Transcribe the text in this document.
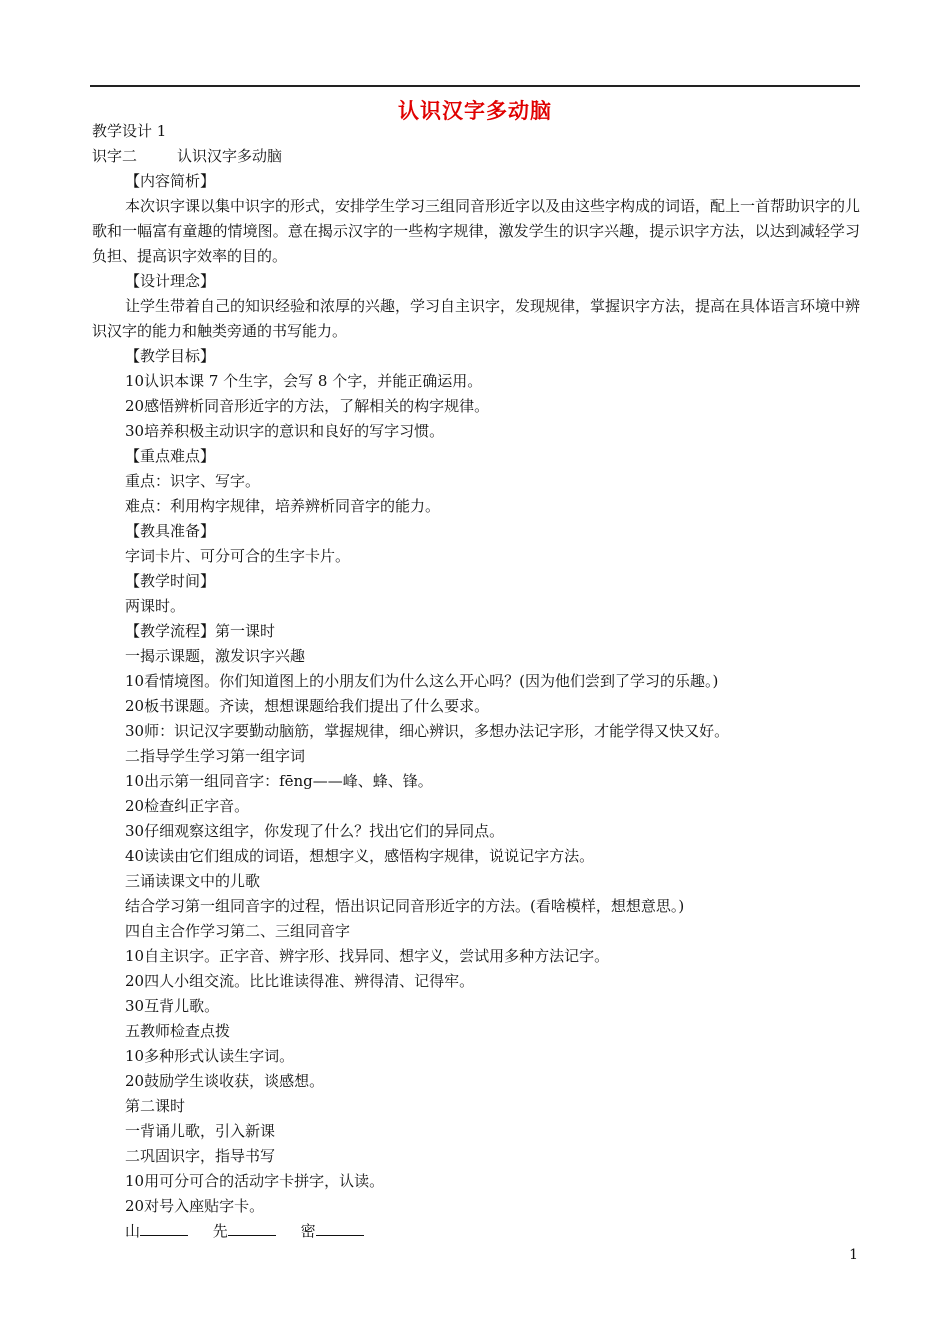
认识汉字多动脑
教学设计 1
识字二	认识汉字多动脑
【内容简析】
本次识字课以集中识字的形式，安排学生学习三组同音形近字以及由这些字构成的词语，配上一首帮助识字的儿歌和一幅富有童趣的情境图。意在揭示汉字的一些构字规律，激发学生的识字兴趣，提示识字方法，以达到减轻学习负担、提高识字效率的目的。
【设计理念】
让学生带着自己的知识经验和浓厚的兴趣，学习自主识字，发现规律，掌握识字方法，提高在具体语言环境中辨识汉字的能力和触类旁通的书写能力。
【教学目标】
10认识本课 7 个生字，会写 8 个字，并能正确运用。
20感悟辨析同音形近字的方法，了解相关的构字规律。
30培养积极主动识字的意识和良好的写字习惯。
【重点难点】
重点：识字、写字。
难点：利用构字规律，培养辨析同音字的能力。
【教具准备】
字词卡片、可分可合的生字卡片。
【教学时间】
两课时。
【教学流程】第一课时
一揭示课题，激发识字兴趣
10看情境图。你们知道图上的小朋友们为什么这么开心吗？(因为他们尝到了学习的乐趣。)
20板书课题。齐读，想想课题给我们提出了什么要求。
30师：识记汉字要勤动脑筋，掌握规律，细心辨识，多想办法记字形，才能学得又快又好。
二指导学生学习第一组字词
10出示第一组同音字：fēng——峰、蜂、锋。
20检查纠正字音。
30仔细观察这组字，你发现了什么？找出它们的异同点。
40读读由它们组成的词语，想想字义，感悟构字规律，说说记字方法。
三诵读课文中的儿歌
结合学习第一组同音字的过程，悟出识记同音形近字的方法。(看啥模样，想想意思。)
四自主合作学习第二、三组同音字
10自主识字。正字音、辨字形、找异同、想字义，尝试用多种方法记字。
20四人小组交流。比比谁读得准、辨得清、记得牢。
30互背儿歌。
五教师检查点拨
10多种形式认读生字词。
20鼓励学生谈收获，谈感想。
第二课时
一背诵儿歌，引入新课
二巩固识字，指导书写
10用可分可合的活动字卡拼字，认读。
20对号入座贴字卡。
山	先	密
1
